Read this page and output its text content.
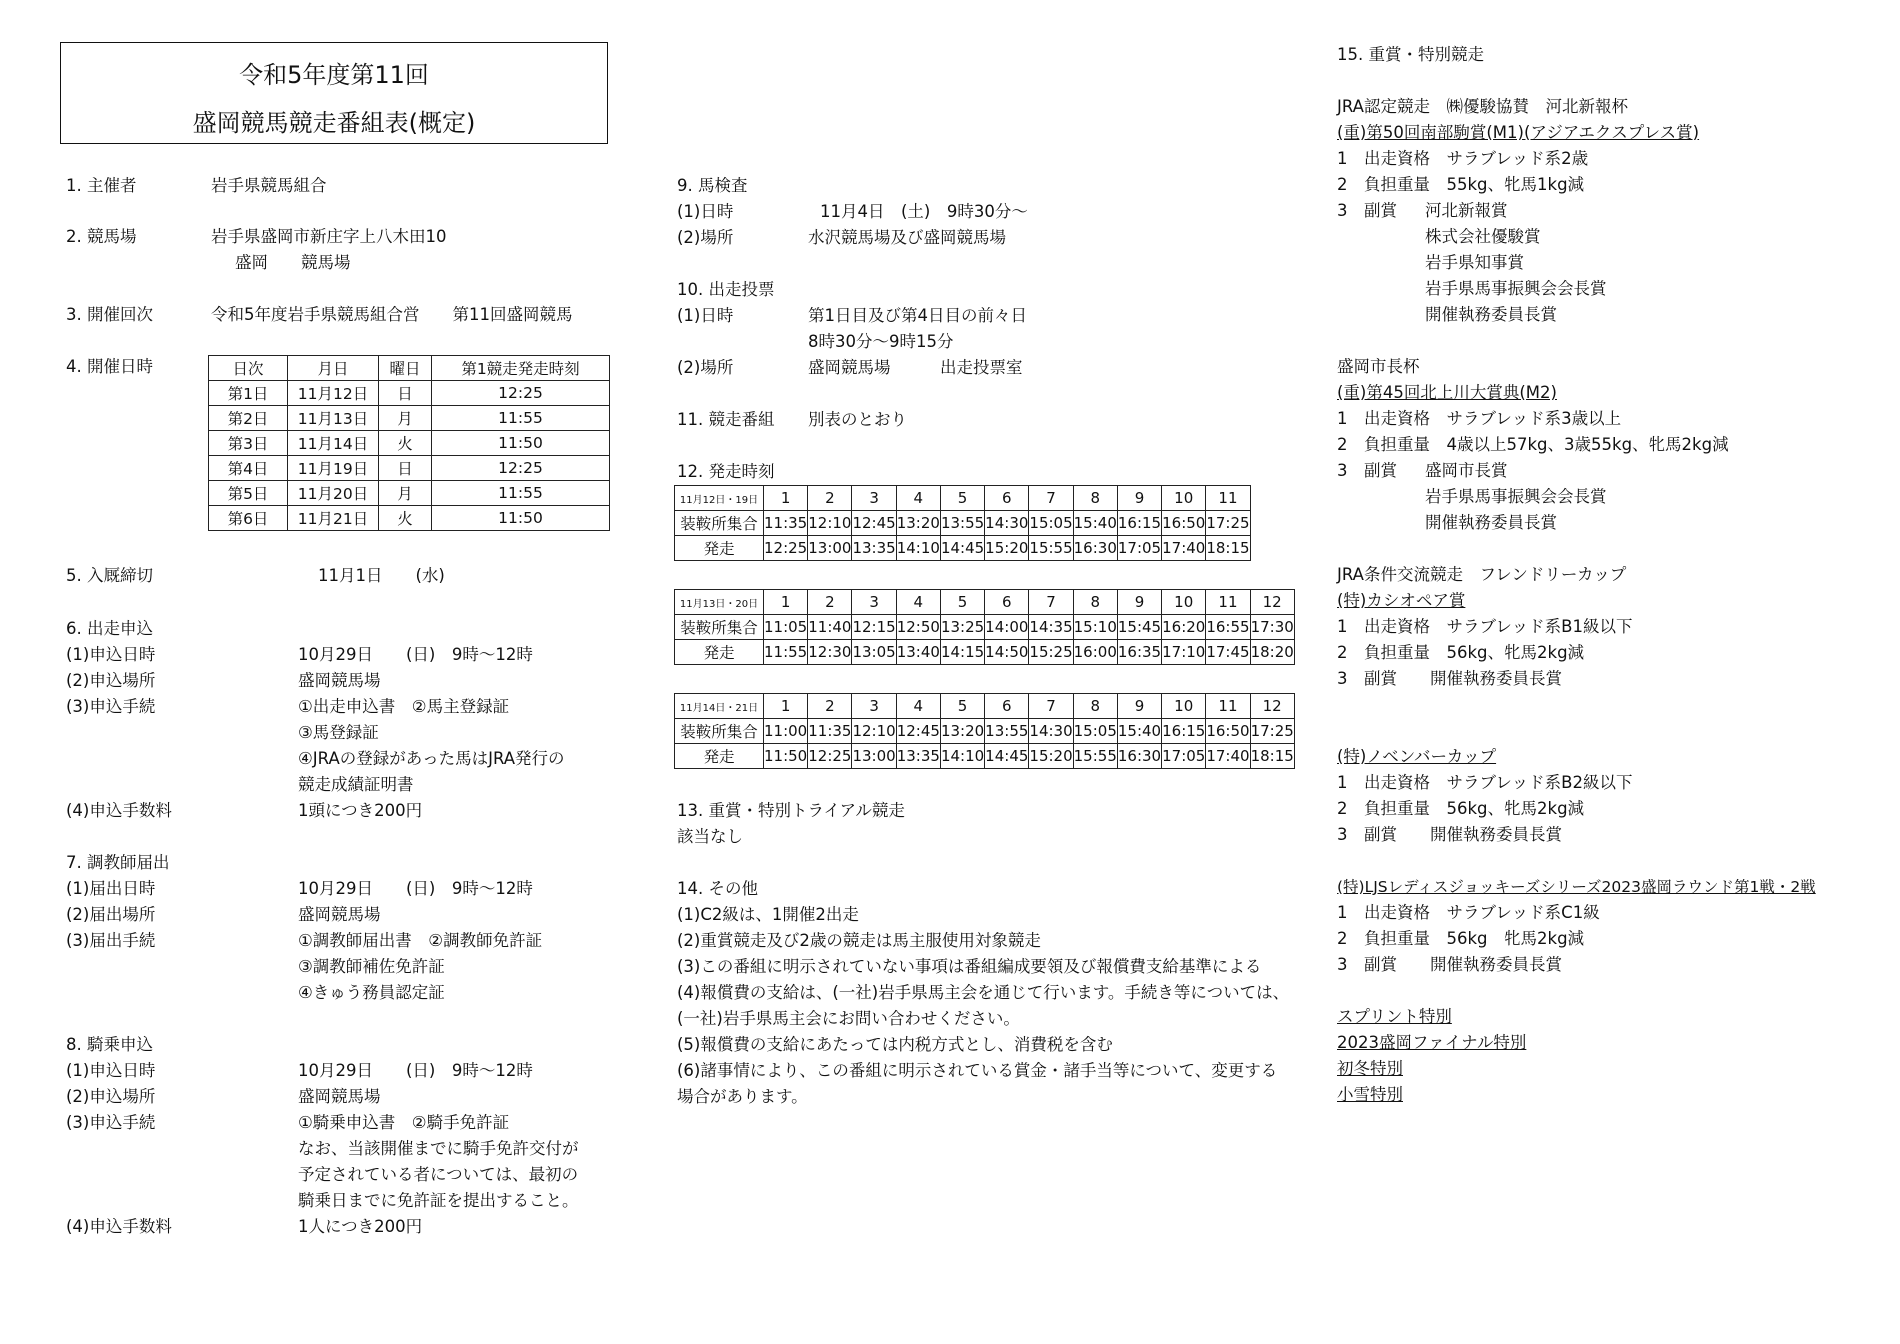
令和5年度第11回
盛岡競馬競走番組表(概定)
1. 主催者	岩手県競馬組合
2. 競馬場	岩手県盛岡市新庄字上八木田10
盛岡　　競馬場
3. 開催回次	令和5年度岩手県競馬組合営　　第11回盛岡競馬
4. 開催日時	日次	月日	曜日	第1競走発走時刻
第1日	11月12日	日	12:25
第2日	11月13日	月	11:55
第3日	11月14日	火	11:50
第4日	11月19日	日	12:25
第5日	11月20日	月	11:55
第6日	11月21日	火	11:50
5. 入厩締切	11月1日　　(水)
6. 出走申込
(1)申込日時	10月29日　　(日)　9時～12時
(2)申込場所	盛岡競馬場
(3)申込手続	①出走申込書　②馬主登録証
③馬登録証
④JRAの登録があった馬はJRA発行の
競走成績証明書
(4)申込手数料	1頭につき200円
7. 調教師届出
(1)届出日時	10月29日　　(日)　9時～12時
(2)届出場所	盛岡競馬場
(3)届出手続	①調教師届出書　②調教師免許証
③調教師補佐免許証
④きゅう務員認定証
8. 騎乗申込
(1)申込日時	10月29日　　(日)　9時～12時
(2)申込場所	盛岡競馬場
(3)申込手続	①騎乗申込書　②騎手免許証
なお、当該開催までに騎手免許交付が
予定されている者については、最初の
騎乗日までに免許証を提出すること。
(4)申込手数料	1人につき200円
9. 馬検査
(1)日時	11月4日　(土)　9時30分～
(2)場所	水沢競馬場及び盛岡競馬場
10. 出走投票
(1)日時	第1日目及び第4日目の前々日
8時30分～9時15分
(2)場所	盛岡競馬場　　　出走投票室
11. 競走番組 別表のとおり
12. 発走時刻
11月12日・19日	1	2	3	4	5	6	7	8	9	10	11
装鞍所集合	11:35	12:10	12:45	13:20	13:55	14:30	15:05	15:40	16:15	16:50	17:25
発走	12:25	13:00	13:35	14:10	14:45	15:20	15:55	16:30	17:05	17:40	18:15
11月13日・20日	1	2	3	4	5	6	7	8	9	10	11	12
装鞍所集合	11:05	11:40	12:15	12:50	13:25	14:00	14:35	15:10	15:45	16:20	16:55	17:30
発走	11:55	12:30	13:05	13:40	14:15	14:50	15:25	16:00	16:35	17:10	17:45	18:20
11月14日・21日	1	2	3	4	5	6	7	8	9	10	11	12
装鞍所集合	11:00	11:35	12:10	12:45	13:20	13:55	14:30	15:05	15:40	16:15	16:50	17:25
発走	11:50	12:25	13:00	13:35	14:10	14:45	15:20	15:55	16:30	17:05	17:40	18:15
13. 重賞・特別トライアル競走
該当なし
14. その他
(1)C2級は、1開催2出走
(2)重賞競走及び2歳の競走は馬主服使用対象競走
(3)この番組に明示されていない事項は番組編成要領及び報償費支給基準による
(4)報償費の支給は、(一社)岩手県馬主会を通じて行います。手続き等については、
(一社)岩手県馬主会にお問い合わせください。
(5)報償費の支給にあたっては内税方式とし、消費税を含む
(6)諸事情により、この番組に明示されている賞金・諸手当等について、変更する
場合があります。
15. 重賞・特別競走
JRA認定競走　㈱優駿協賛　河北新報杯
(重)第50回南部駒賞(M1)(アジアエクスプレス賞)
1　出走資格　サラブレッド系2歳
2　負担重量　55kg、牝馬1kg減
3　副賞 河北新報賞
株式会社優駿賞
岩手県知事賞
岩手県馬事振興会会長賞
開催執務委員長賞
盛岡市長杯
(重)第45回北上川大賞典(M2)
1　出走資格　サラブレッド系3歳以上
2　負担重量　4歳以上57kg、3歳55kg、牝馬2kg減
3　副賞 盛岡市長賞
岩手県馬事振興会会長賞
開催執務委員長賞
JRA条件交流競走　フレンドリーカップ
(特)カシオペア賞
1　出走資格　サラブレッド系B1級以下
2　負担重量　56kg、牝馬2kg減
3　副賞　　開催執務委員長賞
(特)ノベンバーカップ
1　出走資格　サラブレッド系B2級以下
2　負担重量　56kg、牝馬2kg減
3　副賞　　開催執務委員長賞
(特)LJSレディスジョッキーズシリーズ2023盛岡ラウンド第1戦・2戦
1　出走資格　サラブレッド系C1級
2　負担重量　56kg　牝馬2kg減
3　副賞　　開催執務委員長賞
スプリント特別
2023盛岡ファイナル特別
初冬特別
小雪特別
